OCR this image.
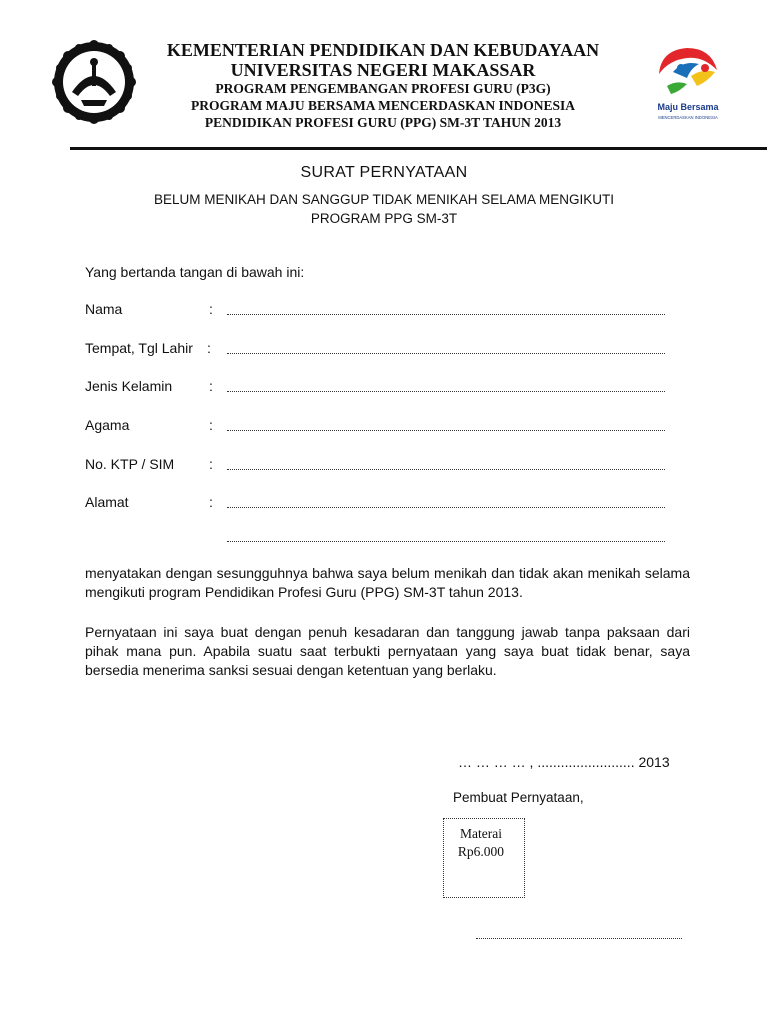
KEMENTERIAN PENDIDIKAN DAN KEBUDAYAAN
UNIVERSITAS NEGERI MAKASSAR
PROGRAM PENGEMBANGAN PROFESI GURU (P3G)
PROGRAM MAJU BERSAMA MENCERDASKAN INDONESIA
PENDIDIKAN PROFESI GURU (PPG) SM-3T TAHUN 2013
Maju Bersama
MENCERDASKAN INDONESIA
SURAT PERNYATAAN
BELUM MENIKAH DAN SANGGUP TIDAK MENIKAH SELAMA MENGIKUTI PROGRAM PPG SM-3T
Yang bertanda tangan di bawah ini:
Nama	:
Tempat, Tgl Lahir :
Jenis Kelamin	:
Agama	:
No. KTP / SIM :
Alamat	:
menyatakan dengan sesungguhnya bahwa saya belum menikah dan tidak akan menikah selama mengikuti program Pendidikan Profesi Guru (PPG) SM-3T tahun 2013.
Pernyataan ini saya buat dengan penuh kesadaran dan tanggung jawab tanpa paksaan dari pihak mana pun. Apabila suatu saat terbukti pernyataan yang saya buat tidak benar, saya bersedia menerima sanksi sesuai dengan ketentuan yang berlaku.
… … … … , ......................... 2013
Pembuat Pernyataan,
Materai
Rp6.000
